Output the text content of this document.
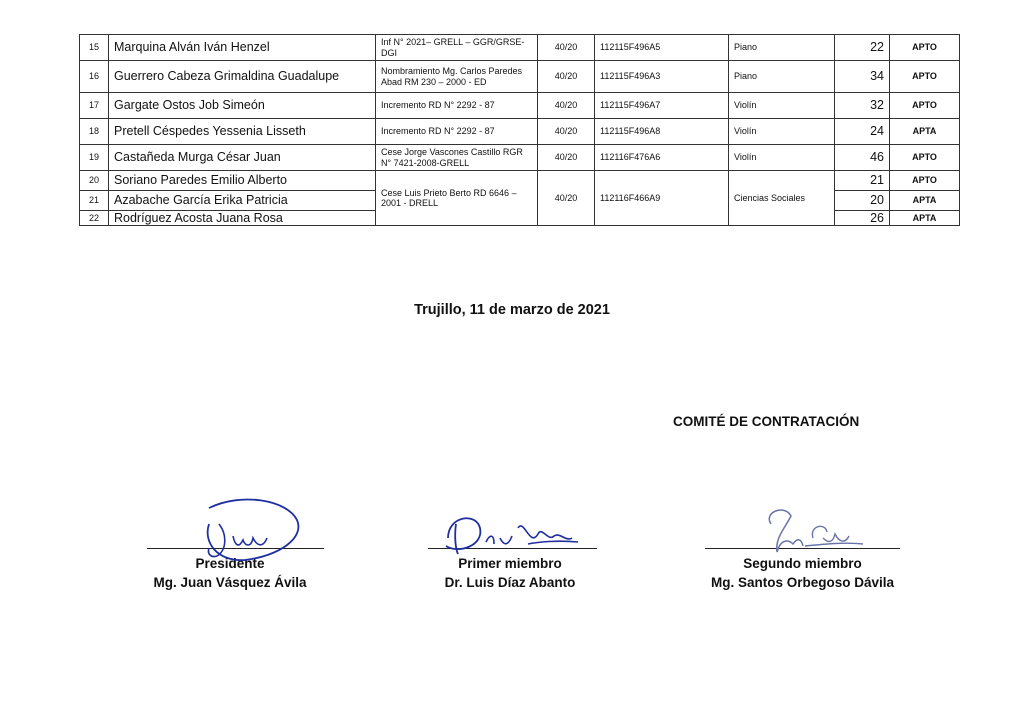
15	Marquina Alván Iván Henzel	Inf N° 2021– GRELL – GGR/GRSE-DGI	40/20	112115F496A5	Piano	22	APTO
16	Guerrero Cabeza Grimaldina Guadalupe	Nombramiento Mg. Carlos Paredes Abad RM 230 – 2000 - ED	40/20	112115F496A3	Piano	34	APTO
17	Gargate Ostos Job Simeón	Incremento RD N° 2292 - 87	40/20	112115F496A7	Violín	32	APTO
18	Pretell Céspedes Yessenia Lisseth	Incremento RD N° 2292 - 87	40/20	112115F496A8	Violín	24	APTA
19	Castañeda Murga César Juan	Cese Jorge Vascones Castillo RGR N° 7421-2008-GRELL	40/20	112116F476A6	Violín	46	APTO
20	Soriano Paredes Emilio Alberto	Cese Luis Prieto Berto RD 6646 – 2001 - DRELL	40/20	112116F466A9	Ciencias Sociales	21	APTO
21	Azabache García Erika Patricia					20	APTA
22	Rodríguez Acosta Juana Rosa					26	APTA
Trujillo, 11 de marzo de 2021
COMITÉ DE CONTRATACIÓN
Presidente
Mg. Juan Vásquez Ávila
Primer miembro
Dr. Luis Díaz Abanto
Segundo miembro
Mg. Santos Orbegoso Dávila
